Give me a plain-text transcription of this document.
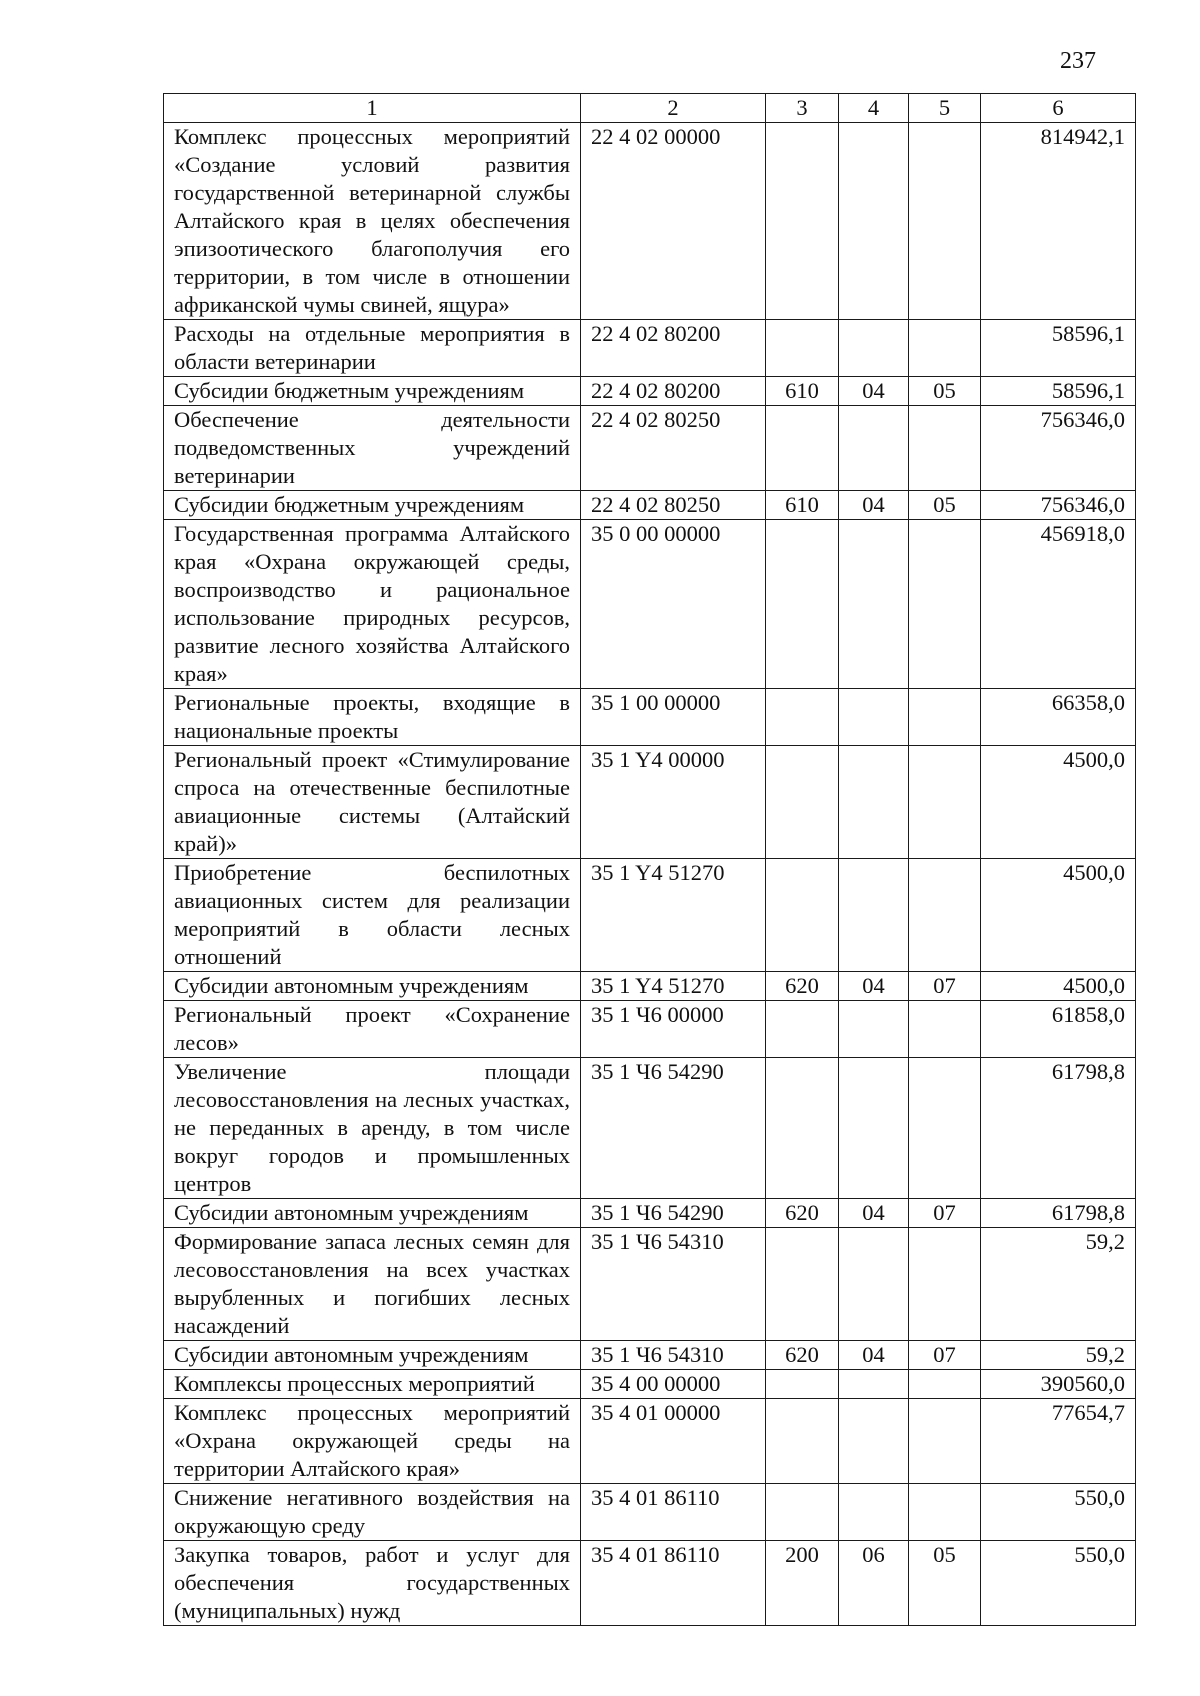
237
1	2	3	4	5	6
Комплекс процессных мероприятий «Создание условий развития государственной ветеринарной службы Алтайского края в целях обеспечения эпизоотического благополучия его территории, в том числе в отношении африканской чумы свиней, ящура»	22 4 02 00000				814942,1
Расходы на отдельные мероприятия в области ветеринарии	22 4 02 80200				58596,1
Субсидии бюджетным учреждениям	22 4 02 80200	610	04	05	58596,1
Обеспечение деятельности подведомственных учреждений ветеринарии	22 4 02 80250				756346,0
Субсидии бюджетным учреждениям	22 4 02 80250	610	04	05	756346,0
Государственная программа Алтайского края «Охрана окружающей среды, воспроизводство и рациональное использование природных ресурсов, развитие лесного хозяйства Алтайского края»	35 0 00 00000				456918,0
Региональные проекты, входящие в национальные проекты	35 1 00 00000				66358,0
Региональный проект «Стимулирование спроса на отечественные беспилотные авиационные системы (Алтайский край)»	35 1 Y4 00000				4500,0
Приобретение беспилотных авиационных систем для реализации мероприятий в области лесных отношений	35 1 Y4 51270				4500,0
Субсидии автономным учреждениям	35 1 Y4 51270	620	04	07	4500,0
Региональный проект «Сохранение лесов»	35 1 Ч6 00000				61858,0
Увеличение площади лесовосстановления на лесных участках, не переданных в аренду, в том числе вокруг городов и промышленных центров	35 1 Ч6 54290				61798,8
Субсидии автономным учреждениям	35 1 Ч6 54290	620	04	07	61798,8
Формирование запаса лесных семян для лесовосстановления на всех участках вырубленных и погибших лесных насаждений	35 1 Ч6 54310				59,2
Субсидии автономным учреждениям	35 1 Ч6 54310	620	04	07	59,2
Комплексы процессных мероприятий	35 4 00 00000				390560,0
Комплекс процессных мероприятий «Охрана окружающей среды на территории Алтайского края»	35 4 01 00000				77654,7
Снижение негативного воздействия на окружающую среду	35 4 01 86110				550,0
Закупка товаров, работ и услуг для обеспечения государственных (муниципальных) нужд	35 4 01 86110	200	06	05	550,0
